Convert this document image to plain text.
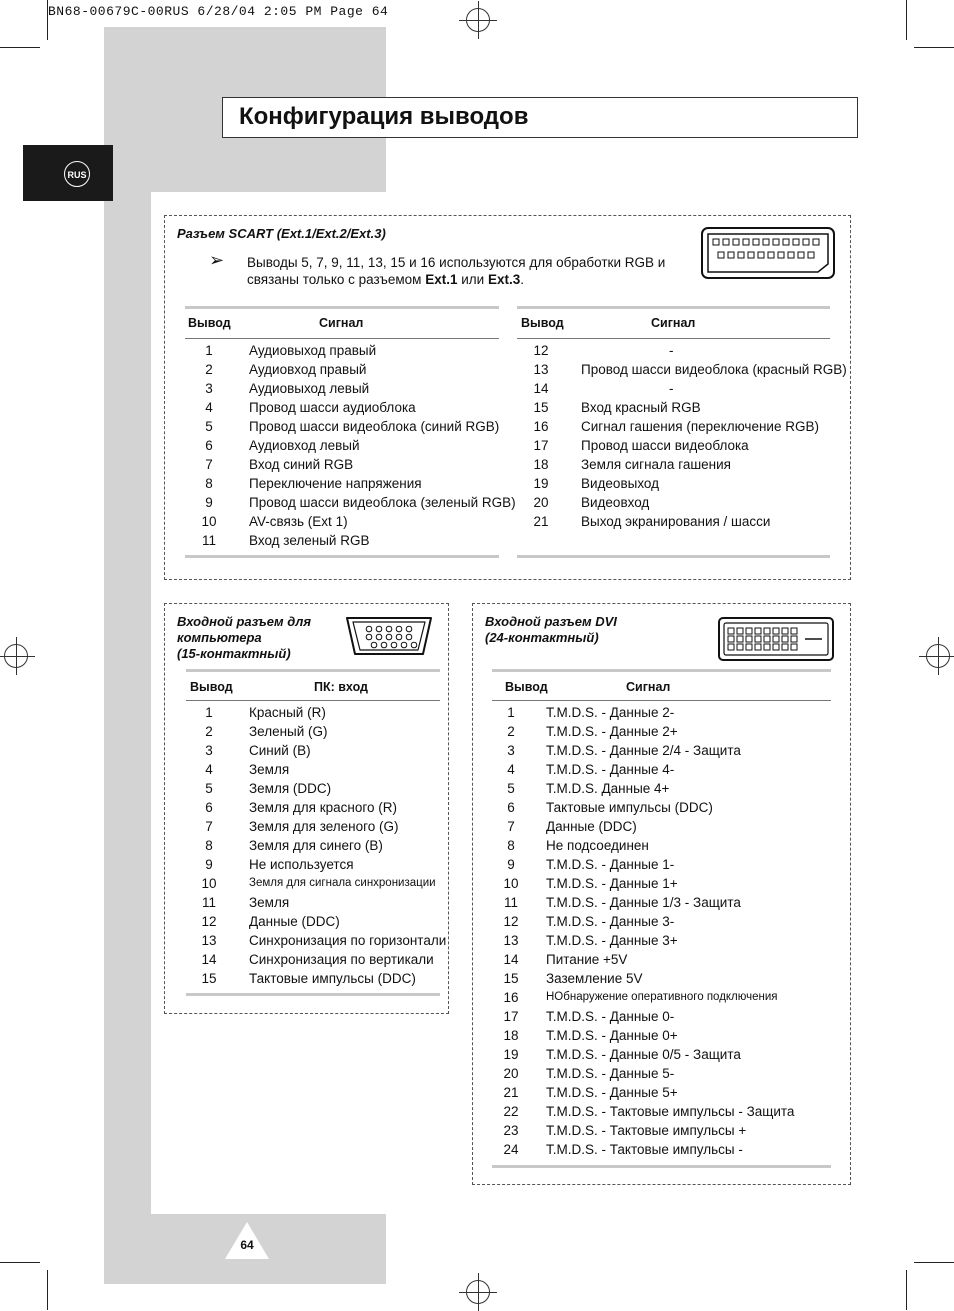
BN68-00679C-00RUS 6/28/04 2:05 PM Page 64
Конфигурация выводов
RUS
Разъем SCART (Ext.1/Ext.2/Ext.3)
➢ Выводы 5, 7, 9, 11, 13, 15 и 16 используются для обработки RGB и
связаны только с разъемом Ext.1 или Ext.3.
Вывод	Сигнал
1	Аудиовыход правый
2	Аудиовход правый
3	Аудиовыход левый
4	Провод шасси аудиоблока
5	Провод шасси видеоблока (синий RGB)
6	Аудиовход левый
7	Вход синий RGB
8	Переключение напряжения
9	Провод шасси видеоблока (зеленый RGB)
10	AV-связь (Ext 1)
11	Вход зеленый RGB
Вывод	Сигнал
12	-
13	Провод шасси видеоблока (красный RGB)
14	-
15	Вход красный RGB
16	Сигнал гашения (переключение RGB)
17	Провод шасси видеоблока
18	Земля сигнала гашения
19	Видеовыход
20	Видеовход
21	Выход экранирования / шасси
Входной разъем для
компьютера
(15-контактный)
Вывод	ПК: вход
1	Красный (R)
2	Зеленый (G)
3	Синий (B)
4	Земля
5	Земля (DDC)
6	Земля для красного (R)
7	Земля для зеленого (G)
8	Земля для синего (B)
9	Не используется
10	Земля для сигнала синхронизации
11	Земля
12	Данные (DDC)
13	Синхронизация по горизонтали
14	Синхронизация по вертикали
15	Тактовые импульсы (DDC)
Входной разъем DVI
(24-контактный)
Вывод	Сигнал
1	T.M.D.S. - Данные 2-
2	T.M.D.S. - Данные 2+
3	T.M.D.S. - Данные 2/4 - Защита
4	T.M.D.S. - Данные 4-
5	T.M.D.S. Данные 4+
6	Тактовые импульсы (DDC)
7	Данные (DDC)
8	Не подсоединен
9	T.M.D.S. - Данные 1-
10	T.M.D.S. - Данные 1+
11	T.M.D.S. - Данные 1/3 - Защита
12	T.M.D.S. - Данные 3-
13	T.M.D.S. - Данные 3+
14	Питание +5V
15	Заземление 5V
16	НОбнаружение оперативного подключения
17	T.M.D.S. - Данные 0-
18	T.M.D.S. - Данные 0+
19	T.M.D.S. - Данные 0/5 - Защита
20	T.M.D.S. - Данные 5-
21	T.M.D.S. - Данные 5+
22	T.M.D.S. - Тактовые импульсы - Защита
23	T.M.D.S. - Тактовые импульсы +
24	T.M.D.S. - Тактовые импульсы -
64
